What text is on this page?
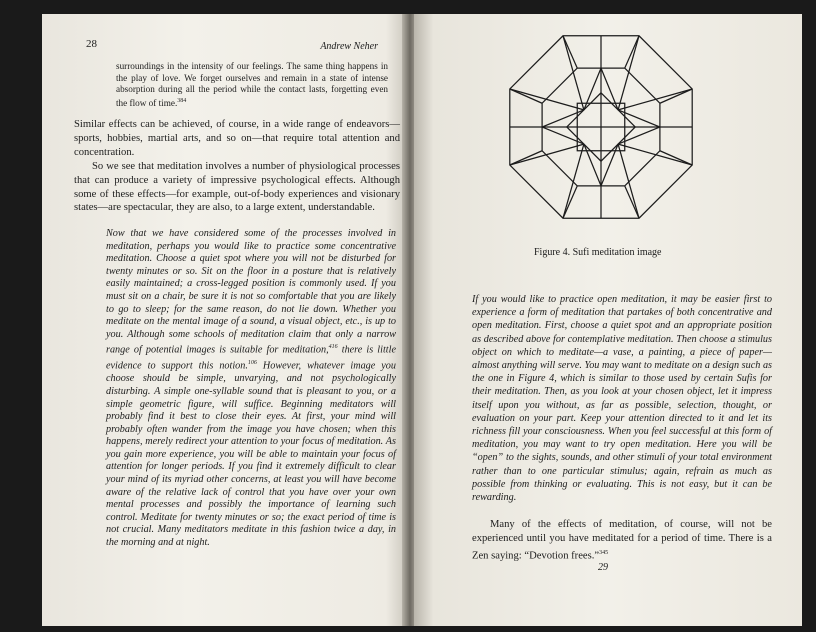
28	Andrew Neher
surroundings in the intensity of our feelings. The same thing happens in the play of love. We forget ourselves and remain in a state of intense absorption during all the period while the contact lasts, forgetting even the flow of time.$^{384}$
Similar effects can be achieved, of course, in a wide range of endeavors—sports, hobbies, martial arts, and so on—that require total attention and concentration.
So we see that meditation involves a number of physiological processes that can produce a variety of impressive psychological effects. Although some of these effects—for example, out-of-body experiences and visionary states—are spectacular, they are also, to a large extent, understandable.
Now that we have considered some of the processes involved in meditation, perhaps you would like to practice some concentrative meditation. Choose a quiet spot where you will not be disturbed for twenty minutes or so. Sit on the floor in a posture that is relatively easily maintained; a cross-legged position is commonly used. If you must sit on a chair, be sure it is not so comfortable that you are likely to go to sleep; for the same reason, do not lie down. Whether you meditate on the mental image of a sound, a visual object, etc., is up to you. Although some schools of meditation claim that only a narrow range of potential images is suitable for meditation,$^{416}$ there is little evidence to support this notion.$^{106}$ However, whatever image you choose should be simple, unvarying, and not psychologically disturbing. A simple one-syllable sound that is pleasant to you, or a simple geometric figure, will suffice. Beginning meditators will probably find it best to close their eyes. At first, your mind will probably often wander from the image you have chosen; when this happens, merely redirect your attention to your focus of meditation. As you gain more experience, you will be able to maintain your focus of attention for longer periods. If you find it extremely difficult to clear your mind of its myriad other concerns, at least you will have become aware of the relative lack of control that you have over your own mental processes and possibly the importance of learning such control. Meditate for twenty minutes or so; the exact period of time is not crucial. Many meditators meditate in this fashion twice a day, in the morning and at night.
Figure 4. Sufi meditation image
If you would like to practice open meditation, it may be easier first to experience a form of meditation that partakes of both concentrative and open meditation. First, choose a quiet spot and an appropriate position as described above for contemplative meditation. Then choose a stimulus object on which to meditate—a vase, a painting, a piece of paper—almost anything will serve. You may want to meditate on a design such as the one in Figure 4, which is similar to those used by certain Sufis for their meditation. Then, as you look at your chosen object, let it impress itself upon you without, as far as possible, selection, thought, or evaluation on your part. Keep your attention directed to it and let its richness fill your consciousness. When you feel successful at this form of meditation, you may want to try open meditation. Here you will be “open” to the sights, sounds, and other stimuli of your total environment rather than to one particular stimulus; again, refrain as much as possible from thinking or evaluating. This is not easy, but it can be rewarding.
Many of the effects of meditation, of course, will not be experienced until you have meditated for a period of time. There is a Zen saying: “Devotion frees.”$^{345}$
29
